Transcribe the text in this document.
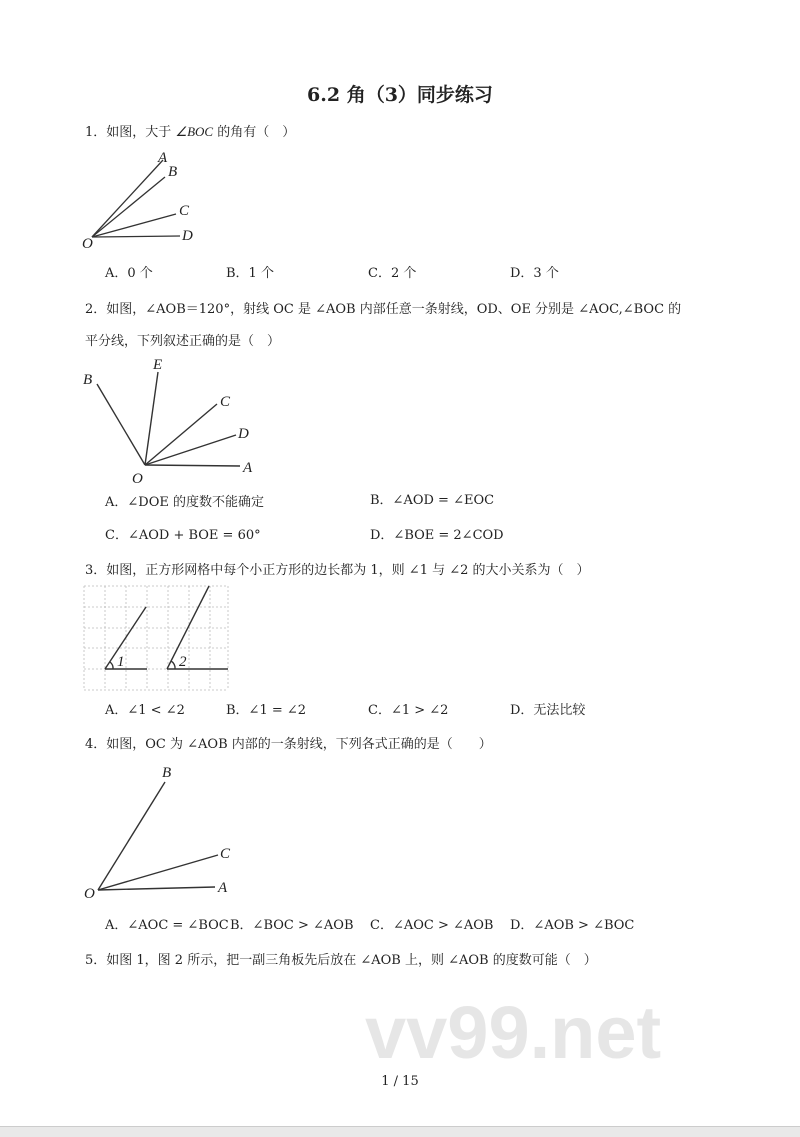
6.2 角（3）同步练习
1．如图，大于 ∠BOC 的角有（　）
A
B
C
D
O
A．0 个	B．1 个	C．2 个	D．3 个
2．如图，∠AOB＝120°，射线 OC 是 ∠AOB 内部任意一条射线，OD、OE 分别是 ∠AOC,∠BOC 的
平分线，下列叙述正确的是（　）
B
E
C
D
A
O
A．∠DOE 的度数不能确定	B．∠AOD = ∠EOC
C．∠AOD + BOE = 60°	D．∠BOE = 2∠COD
3．如图，正方形网格中每个小正方形的边长都为 1，则 ∠1 与 ∠2 的大小关系为（　）
1	2
A．∠1 < ∠2	B．∠1 = ∠2	C．∠1 > ∠2	D．无法比较
4．如图，OC 为 ∠AOB 内部的一条射线，下列各式正确的是（　　）
B
C
A
O
A．∠AOC = ∠BOC B．∠BOC > ∠AOB C．∠AOC > ∠AOB D．∠AOB > ∠BOC
5．如图 1，图 2 所示，把一副三角板先后放在 ∠AOB 上，则 ∠AOB 的度数可能（　）
vv99.net
1 / 15
